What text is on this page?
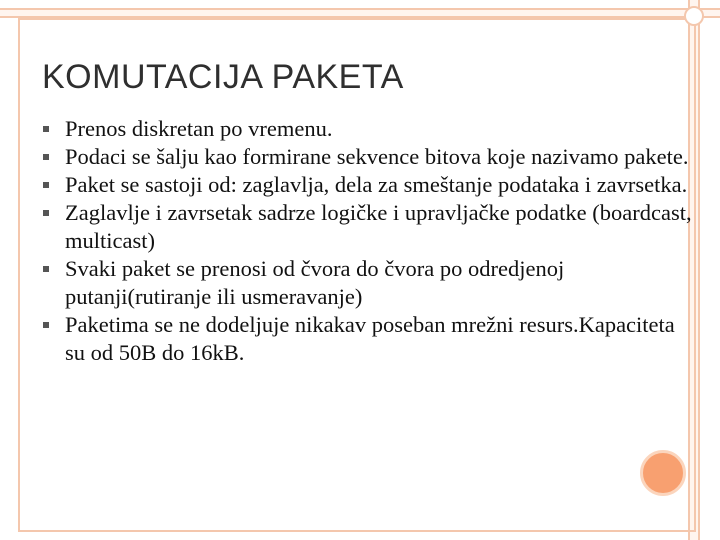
KOMUTACIJA PAKETA
Prenos diskretan po vremenu.
Podaci se šalju kao formirane sekvence bitova koje nazivamo pakete.
Paket se sastoji od: zaglavlja, dela za smeštanje podataka i zavrsetka.
Zaglavlje i zavrsetak sadrze logičke i upravljačke podatke (boardcast, multicast)
Svaki paket se prenosi od čvora do čvora po odredjenoj putanji(rutiranje ili usmeravanje)
Paketima se ne dodeljuje nikakav poseban mrežni resurs.Kapaciteta su od 50B do 16kB.
